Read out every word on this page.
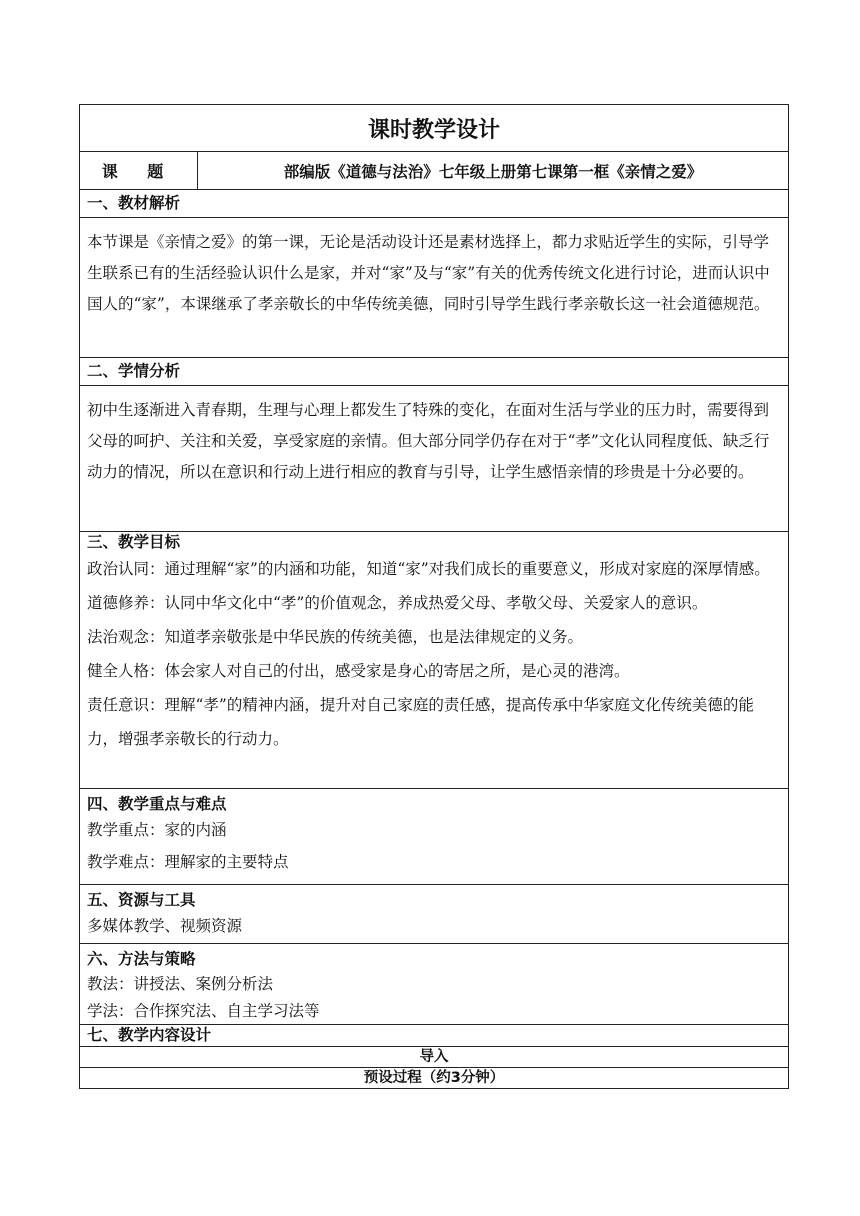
课时教学设计
课 题	部编版《道德与法治》七年级上册第七课第一框《亲情之爱》
一、教材解析

本节课是《亲情之爱》的第一课，无论是活动设计还是素材选择上，都力求贴近学生的实际，引导学生联系已有的生活经验认识什么是家，并对“家”及与“家”有关的优秀传统文化进行讨论，进而认识中国人的“家”，本课继承了孝亲敬长的中华传统美德，同时引导学生践行孝亲敬长这一社会道德规范。

二、学情分析

初中生逐渐进入青春期，生理与心理上都发生了特殊的变化，在面对生活与学业的压力时，需要得到父母的呵护、关注和关爱，享受家庭的亲情。但大部分同学仍存在对于“孝”文化认同程度低、缺乏行动力的情况，所以在意识和行动上进行相应的教育与引导，让学生感悟亲情的珍贵是十分必要的。

三、教学目标

政治认同：通过理解“家”的内涵和功能，知道“家”对我们成长的重要意义，形成对家庭的深厚情感。

道德修养：认同中华文化中“孝”的价值观念，养成热爱父母、孝敬父母、关爱家人的意识。

法治观念：知道孝亲敬张是中华民族的传统美德，也是法律规定的义务。

健全人格：体会家人对自己的付出，感受家是身心的寄居之所，是心灵的港湾。

责任意识：理解“孝”的精神内涵，提升对自己家庭的责任感，提高传承中华家庭文化传统美德的能力，增强孝亲敬长的行动力。

四、教学重点与难点

教学重点：家的内涵

教学难点：理解家的主要特点

五、资源与工具

多媒体教学、视频资源

六、方法与策略

教法：讲授法、案例分析法

学法：合作探究法、自主学习法等

七、教学内容设计
导入
预设过程（约3分钟）
